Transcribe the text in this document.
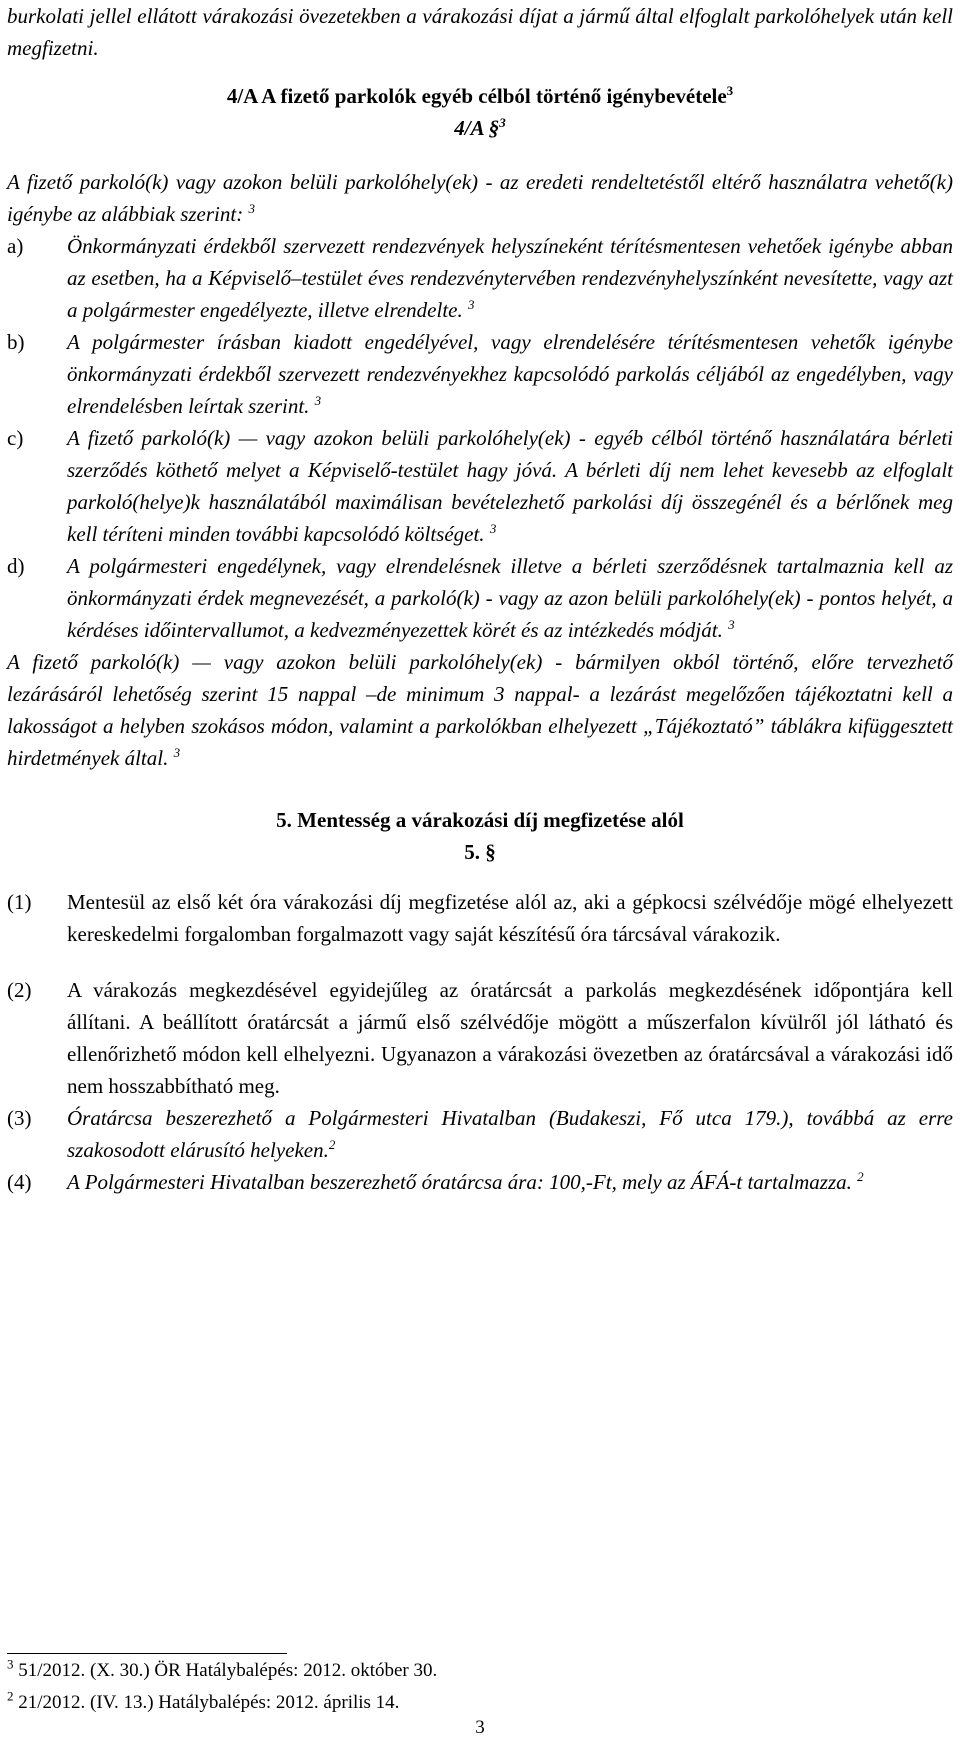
burkolati jellel ellátott várakozási övezetekben a várakozási díjat a jármű által elfoglalt parkolóhelyek után kell megfizetni.

4/A A fizető parkolók egyéb célból történő igénybevétele$^3$

4/A §$^3$

A fizető parkoló(k) vagy azokon belüli parkolóhely(ek) - az eredeti rendeltetéstől eltérő használatra vehető(k) igénybe az alábbiak szerint: $^3$

a)	Önkormányzati érdekből szervezett rendezvények helyszíneként térítésmentesen vehetőek igénybe abban az esetben, ha a Képviselő–testület éves rendezvénytervében rendezvényhelyszínként nevesítette, vagy azt a polgármester engedélyezte, illetve elrendelte. $^3$
b)	A polgármester írásban kiadott engedélyével, vagy elrendelésére térítésmentesen vehetők igénybe önkormányzati érdekből szervezett rendezvényekhez kapcsolódó parkolás céljából az engedélyben, vagy elrendelésben leírtak szerint. $^3$
c)	A fizető parkoló(k) — vagy azokon belüli parkolóhely(ek) - egyéb célból történő használatára bérleti szerződés köthető melyet a Képviselő-testület hagy jóvá. A bérleti díj nem lehet kevesebb az elfoglalt parkoló(helye)k használatából maximálisan bevételezhető parkolási díj összegénél és a bérlőnek meg kell téríteni minden további kapcsolódó költséget. $^3$
d)	A polgármesteri engedélynek, vagy elrendelésnek illetve a bérleti szerződésnek tartalmaznia kell az önkormányzati érdek megnevezését, a parkoló(k) - vagy az azon belüli parkolóhely(ek) - pontos helyét, a kérdéses időintervallumot, a kedvezményezettek körét és az intézkedés módját. $^3$

A fizető parkoló(k) — vagy azokon belüli parkolóhely(ek) - bármilyen okból történő, előre tervezhető lezárásáról lehetőség szerint 15 nappal –de minimum 3 nappal- a lezárást megelőzően tájékoztatni kell a lakosságot a helyben szokásos módon, valamint a parkolókban elhelyezett „Tájékoztató” táblákra kifüggesztett hirdetmények által. $^3$

5. Mentesség a várakozási díj megfizetése alól

5. §

(1)	Mentesül az első két óra várakozási díj megfizetése alól az, aki a gépkocsi szélvédője mögé elhelyezett kereskedelmi forgalomban forgalmazott vagy saját készítésű óra tárcsával várakozik.
(2)	A várakozás megkezdésével egyidejűleg az óratárcsát a parkolás megkezdésének időpontjára kell állítani. A beállított óratárcsát a jármű első szélvédője mögött a műszerfalon kívülről jól látható és ellenőrizhető módon kell elhelyezni. Ugyanazon a várakozási övezetben az óratárcsával a várakozási idő nem hosszabbítható meg.
(3)	Óratárcsa beszerezhető a Polgármesteri Hivatalban (Budakeszi, Fő utca 179.), továbbá az erre szakosodott elárusító helyeken.$^2$
(4)	A Polgármesteri Hivatalban beszerezhető óratárcsa ára: 100,-Ft, mely az ÁFÁ-t tartalmazza. $^2$
$^3$ 51/2012. (X. 30.) ÖR Hatálybalépés: 2012. október 30.
$^2$ 21/2012. (IV. 13.) Hatálybalépés: 2012. április 14.
3
